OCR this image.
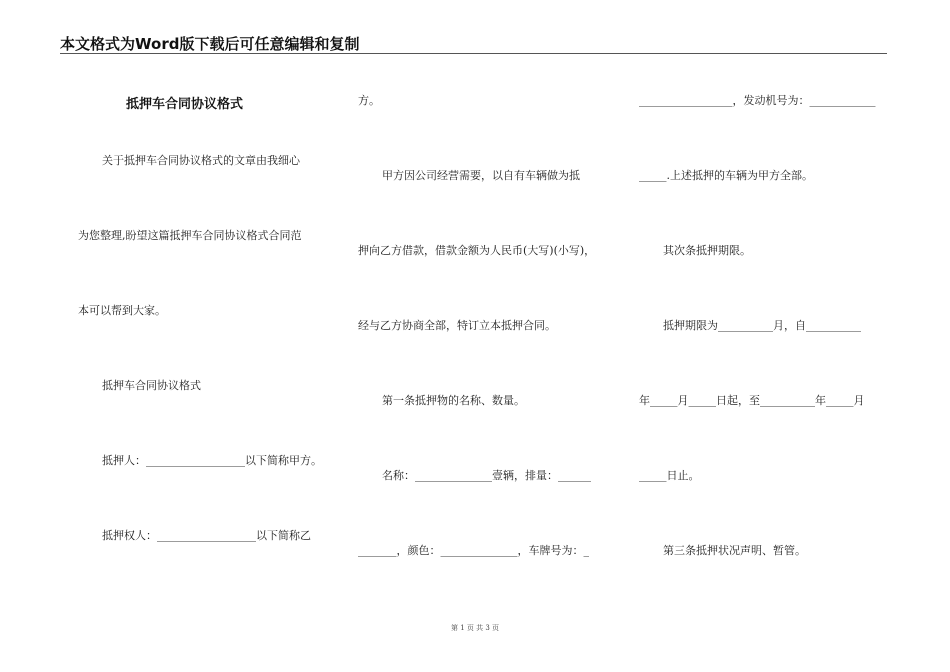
本文格式为Word版下载后可任意编辑和复制
抵押车合同协议格式
关于抵押车合同协议格式的文章由我细心
为您整理,盼望这篇抵押车合同协议格式合同范
本可以帮到大家。
抵押车合同协议格式
抵押人：__________________以下简称甲方。
抵押权人：__________________以下简称乙
方。
甲方因公司经营需要，以自有车辆做为抵
押向乙方借款，借款金额为人民币(大写)(小写)，
经与乙方协商全部，特订立本抵押合同。
第一条抵押物的名称、数量。
名称：______________壹辆，排量：______
_______，颜色：______________，车牌号为：_
_________________，发动机号为：____________
_____.上述抵押的车辆为甲方全部。
其次条抵押期限。
抵押期限为__________月，自__________
年_____月_____日起，至__________年_____月
_____日止。
第三条抵押状况声明、暂管。
第 1 页 共 3 页
